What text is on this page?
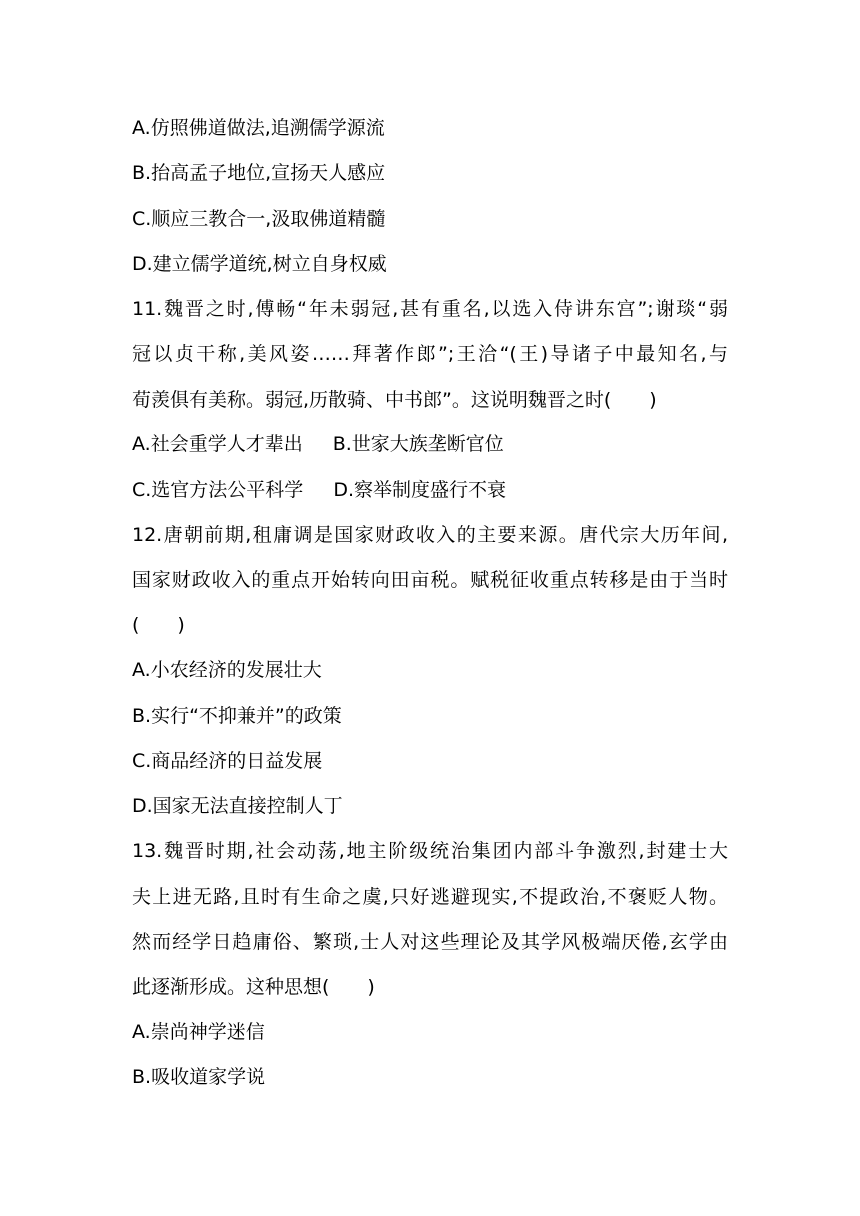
A.仿照佛道做法,追溯儒学源流
B.抬高孟子地位,宣扬天人感应
C.顺应三教合一,汲取佛道精髓
D.建立儒学道统,树立自身权威
11.魏晋之时,傅畅“年未弱冠,甚有重名,以选入侍讲东宫”;谢琰“弱
冠以贞干称,美风姿……拜著作郎”;王洽“(王)导诸子中最知名,与
荀羡俱有美称。弱冠,历散骑、中书郎”。这说明魏晋之时(　　)
A.社会重学人才辈出 B.世家大族垄断官位
C.选官方法公平科学 D.察举制度盛行不衰
12.唐朝前期,租庸调是国家财政收入的主要来源。唐代宗大历年间,
国家财政收入的重点开始转向田亩税。赋税征收重点转移是由于当时
(　　)
A.小农经济的发展壮大
B.实行“不抑兼并”的政策
C.商品经济的日益发展
D.国家无法直接控制人丁
13.魏晋时期,社会动荡,地主阶级统治集团内部斗争激烈,封建士大
夫上进无路,且时有生命之虞,只好逃避现实,不提政治,不褒贬人物。
然而经学日趋庸俗、繁琐,士人对这些理论及其学风极端厌倦,玄学由
此逐渐形成。这种思想(　　)
A.崇尚神学迷信
B.吸收道家学说
